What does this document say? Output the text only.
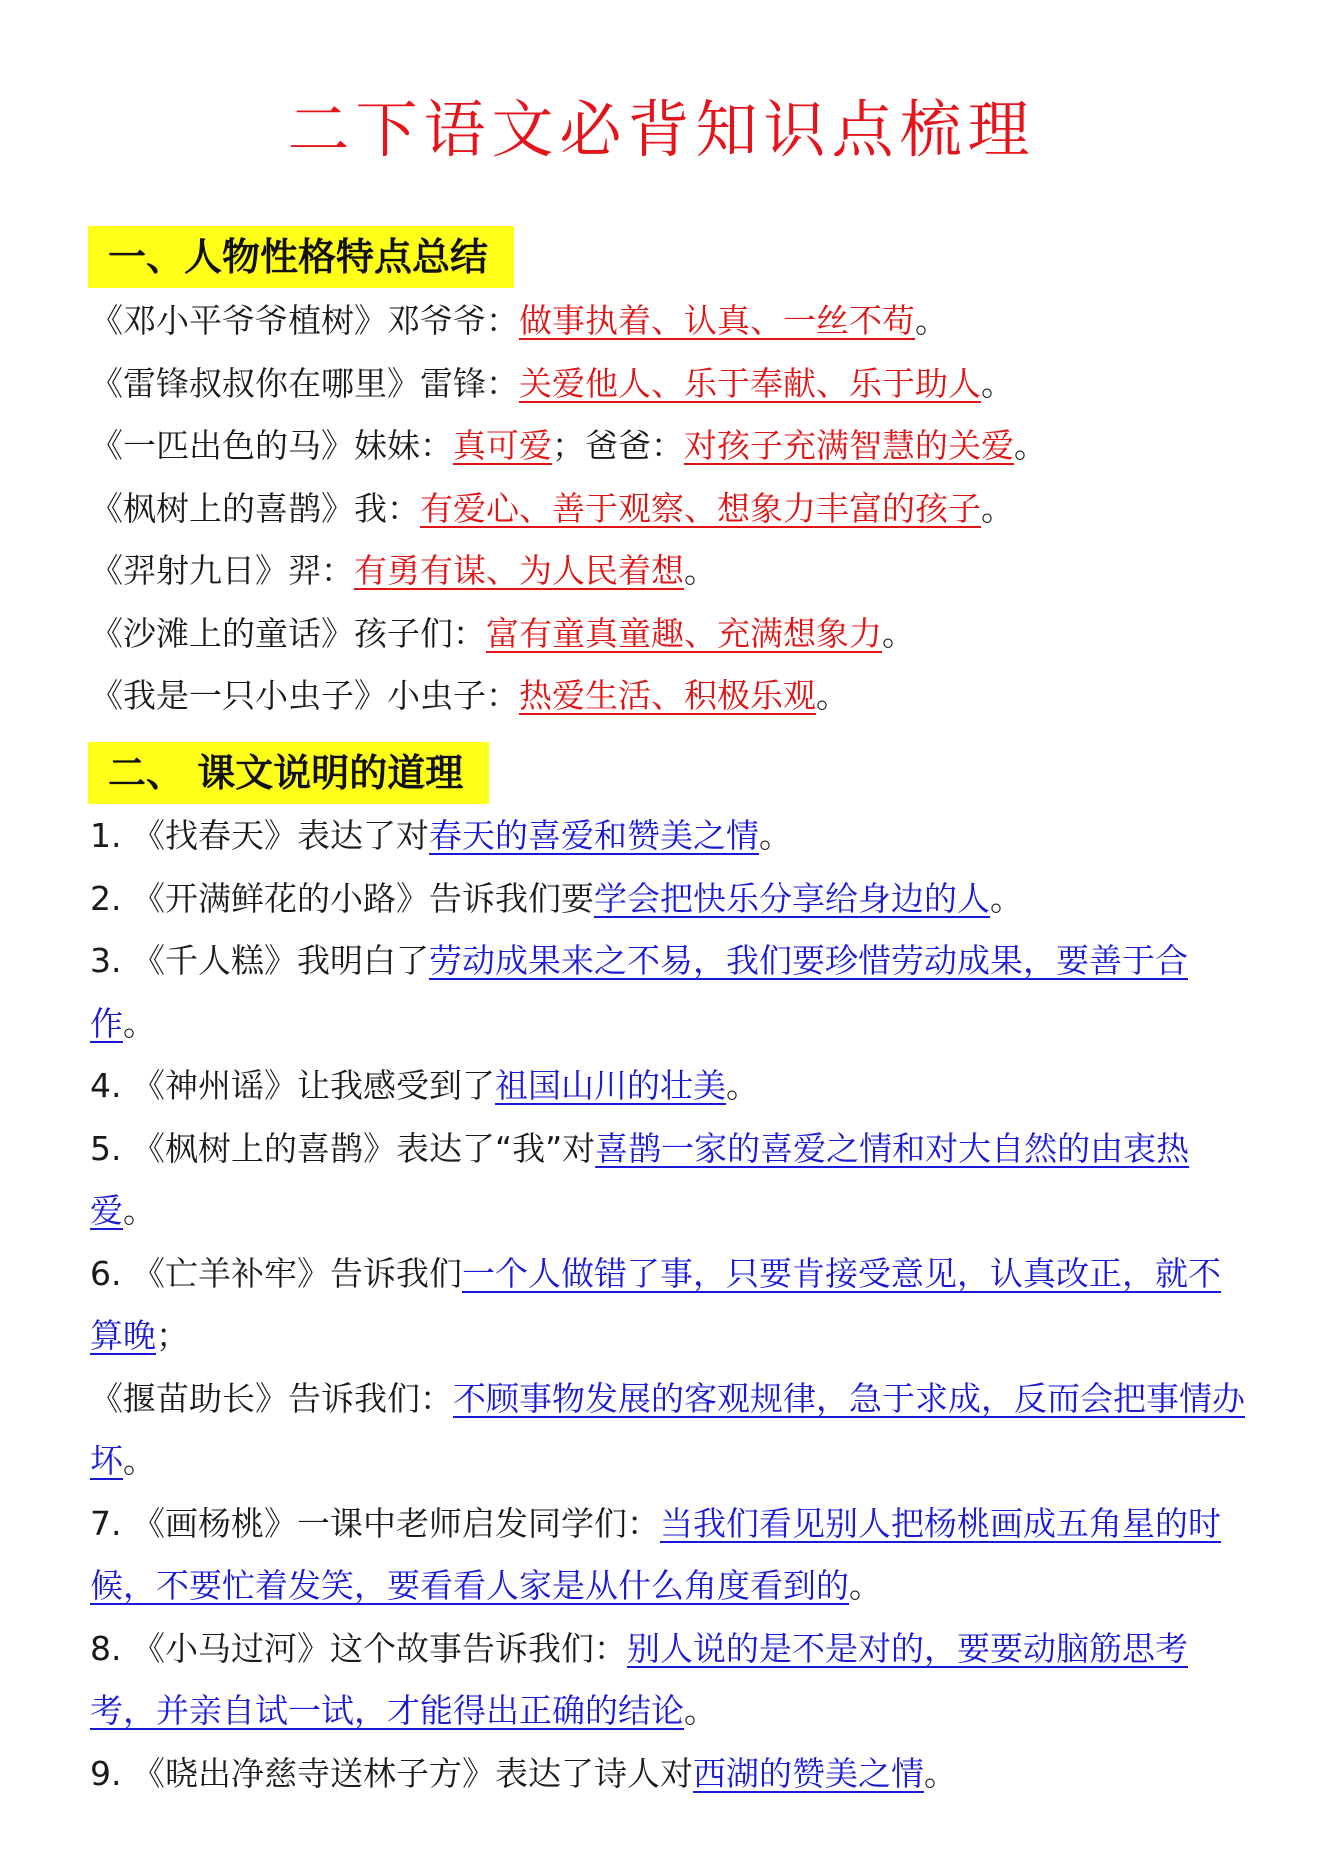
二下语文必背知识点梳理
一、人物性格特点总结
《邓小平爷爷植树》邓爷爷：做事执着、认真、一丝不苟。
《雷锋叔叔你在哪里》雷锋：关爱他人、乐于奉献、乐于助人。
《一匹出色的马》妹妹：真可爱；爸爸：对孩子充满智慧的关爱。
《枫树上的喜鹊》我：有爱心、善于观察、想象力丰富的孩子。
《羿射九日》羿：有勇有谋、为人民着想。
《沙滩上的童话》孩子们：富有童真童趣、充满想象力。
《我是一只小虫子》小虫子：热爱生活、积极乐观。
二、 课文说明的道理
1. 《找春天》表达了对春天的喜爱和赞美之情。
2. 《开满鲜花的小路》告诉我们要学会把快乐分享给身边的人。
3. 《千人糕》我明白了劳动成果来之不易，我们要珍惜劳动成果，要善于合作。
4. 《神州谣》让我感受到了祖国山川的壮美。
5. 《枫树上的喜鹊》表达了“我”对喜鹊一家的喜爱之情和对大自然的由衷热爱。
6. 《亡羊补牢》告诉我们一个人做错了事，只要肯接受意见，认真改正，就不算晚；
《揠苗助长》告诉我们：不顾事物发展的客观规律，急于求成，反而会把事情办坏。
7. 《画杨桃》一课中老师启发同学们：当我们看见别人把杨桃画成五角星的时候，不要忙着发笑，要看看人家是从什么角度看到的。
8. 《小马过河》这个故事告诉我们：别人说的是不是对的，要要动脑筋思考考，并亲自试一试，才能得出正确的结论。
9. 《晓出净慈寺送林子方》表达了诗人对西湖的赞美之情。
